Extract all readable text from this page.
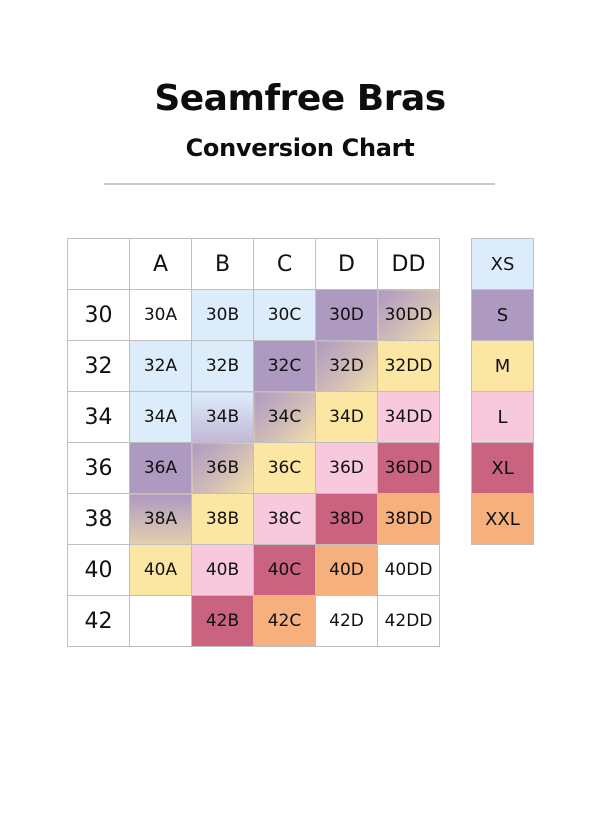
Seamfree Bras
Conversion Chart
	A	B	C	D	DD
30	30A	30B	30C	30D	30DD
32	32A	32B	32C	32D	32DD
34	34A	34B	34C	34D	34DD
36	36A	36B	36C	36D	36DD
38	38A	38B	38C	38D	38DD
40	40A	40B	40C	40D	40DD
42		42B	42C	42D	42DD
XS
S
M
L
XL
XXL
